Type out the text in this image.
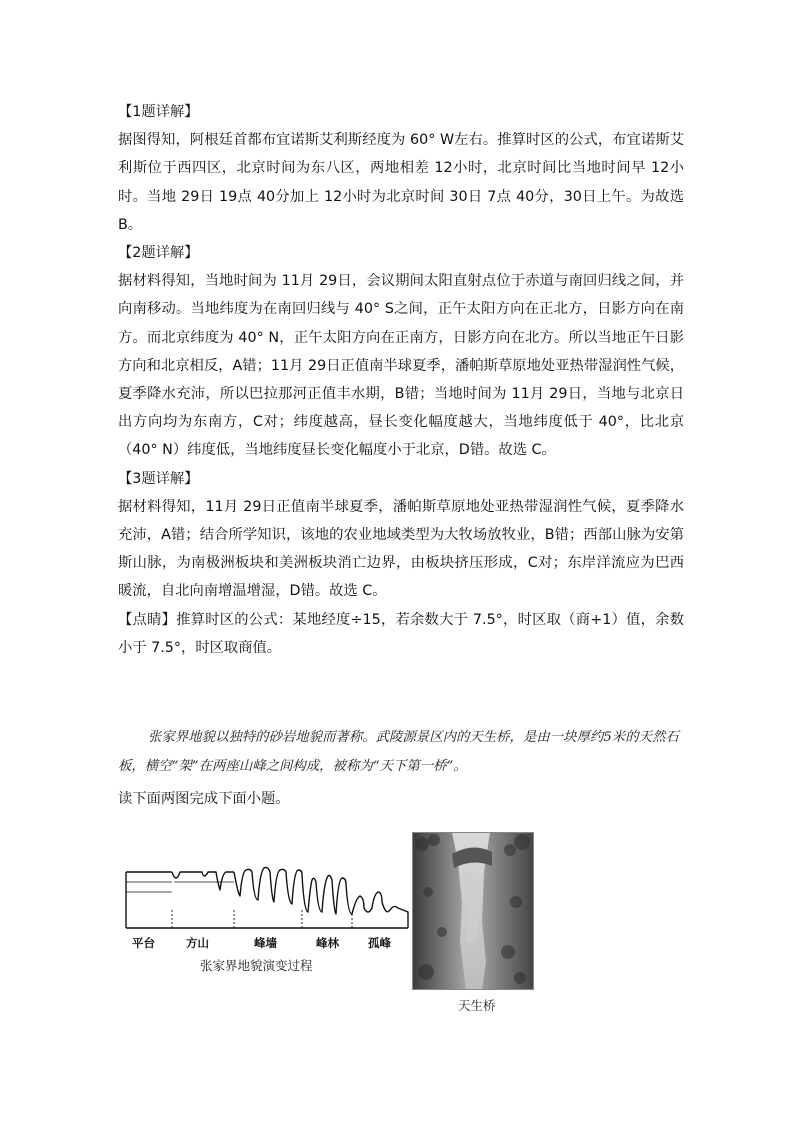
【1题详解】

据图得知，阿根廷首都布宜诺斯艾利斯经度为 60° W左右。推算时区的公式，布宜诺斯艾利斯位于西四区，北京时间为东八区，两地相差 12小时，北京时间比当地时间早 12小时。当地 29日 19点 40分加上 12小时为北京时间 30日 7点 40分，30日上午。为故选 B。

【2题详解】

据材料得知，当地时间为 11月 29日，会议期间太阳直射点位于赤道与南回归线之间，并向南移动。当地纬度为在南回归线与 40° S之间，正午太阳方向在正北方，日影方向在南方。而北京纬度为 40° N，正午太阳方向在正南方，日影方向在北方。所以当地正午日影方向和北京相反，A错；11月 29日正值南半球夏季，潘帕斯草原地处亚热带湿润性气候，夏季降水充沛，所以巴拉那河正值丰水期，B错；当地时间为 11月 29日，当地与北京日出方向均为东南方，C对；纬度越高，昼长变化幅度越大，当地纬度低于 40°，比北京（40° N）纬度低，当地纬度昼长变化幅度小于北京，D错。故选 C。

【3题详解】

据材料得知，11月 29日正值南半球夏季，潘帕斯草原地处亚热带湿润性气候，夏季降水充沛，A错；结合所学知识，该地的农业地域类型为大牧场放牧业，B错；西部山脉为安第斯山脉，为南极洲板块和美洲板块消亡边界，由板块挤压形成，C对；东岸洋流应为巴西暖流，自北向南增温增湿，D错。故选 C。

【点睛】推算时区的公式：某地经度÷15，若余数大于 7.5°，时区取（商+1）值，余数小于 7.5°，时区取商值。

张家界地貌以独特的砂岩地貌而著称。武陵源景区内的天生桥，是由一块厚约5米的天然石板，横空“架”在两座山峰之间构成，被称为“天下第一桥”。

读下面两图完成下面小题。

平台	方山	峰墙	峰林	孤峰
张家界地貌演变过程
天生桥
